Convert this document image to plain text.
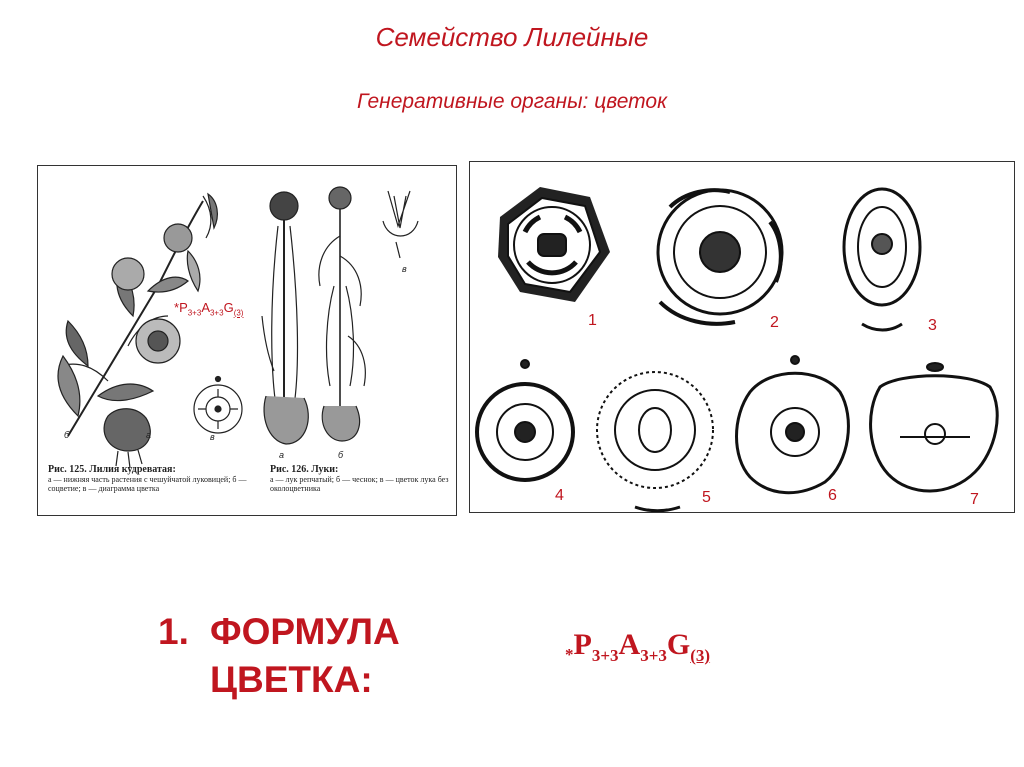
Семейство Лилейные
Генеративные органы: цветок
б	а	в
а	б
в
$*P_{3+3}A_{3+3}G_{(3)}$
Рис. 125. Лилия кудреватая:
а — нижняя часть растения с чешуйчатой луковицей; б — соцветие; в — диаграмма цветка
Рис. 126. Луки:
а — лук репчатый; б — чеснок; в — цветок лука без околоцветника
1	2	3
4	5	6	7
1. ФОРМУЛА
ЦВЕТКА:
$_*P_{3+3}A_{3+3}G_{(3)}$
